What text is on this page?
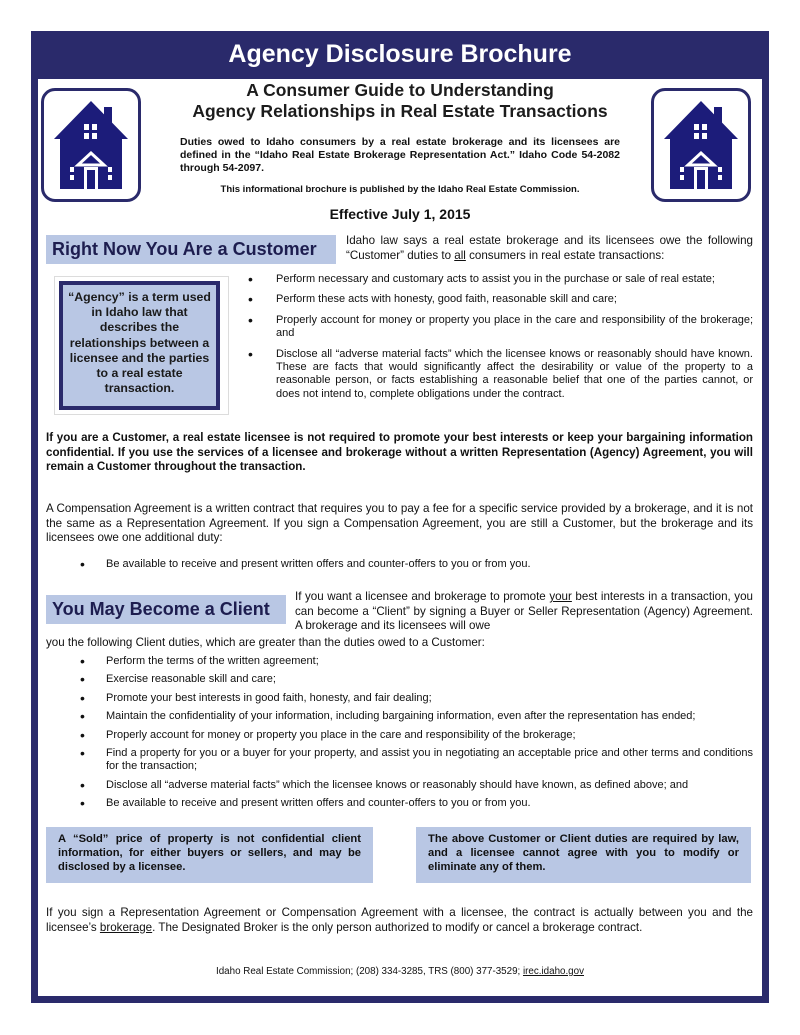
Agency Disclosure Brochure
A Consumer Guide to Understanding
Agency Relationships in Real Estate Transactions
Duties owed to Idaho consumers by a real estate brokerage and its licensees are defined in the “Idaho Real Estate Brokerage Representation Act.” Idaho Code 54-2082 through 54-2097.
This informational brochure is published by the Idaho Real Estate Commission.
Effective July 1, 2015
Right Now You Are a Customer	Idaho law says a real estate brokerage and its licensees owe the following “Customer” duties to all consumers in real estate transactions:
“Agency” is a term used in Idaho law that describes the relationships between a licensee and the parties to a real estate transaction.
• Perform necessary and customary acts to assist you in the purchase or sale of real estate;
• Perform these acts with honesty, good faith, reasonable skill and care;
• Properly account for money or property you place in the care and responsibility of the brokerage; and
• Disclose all “adverse material facts” which the licensee knows or reasonably should have known. These are facts that would significantly affect the desirability or value of the property to a reasonable person, or facts establishing a reasonable belief that one of the parties cannot, or does not intend to, complete obligations under the contract.
If you are a Customer, a real estate licensee is not required to promote your best interests or keep your bargaining information confidential. If you use the services of a licensee and brokerage without a written Representation (Agency) Agreement, you will remain a Customer throughout the transaction.
A Compensation Agreement is a written contract that requires you to pay a fee for a specific service provided by a brokerage, and it is not the same as a Representation Agreement. If you sign a Compensation Agreement, you are still a Customer, but the brokerage and its licensees owe one additional duty:
• Be available to receive and present written offers and counter-offers to you or from you.
You May Become a Client
If you want a licensee and brokerage to promote your best interests in a transaction, you can become a “Client” by signing a Buyer or Seller Representation (Agency) Agreement. A brokerage and its licensees will owe
you the following Client duties, which are greater than the duties owed to a Customer:
• Perform the terms of the written agreement;
• Exercise reasonable skill and care;
• Promote your best interests in good faith, honesty, and fair dealing;
• Maintain the confidentiality of your information, including bargaining information, even after the representation has ended;
• Properly account for money or property you place in the care and responsibility of the brokerage;
• Find a property for you or a buyer for your property, and assist you in negotiating an acceptable price and other terms and conditions for the transaction;
• Disclose all “adverse material facts” which the licensee knows or reasonably should have known, as defined above; and
• Be available to receive and present written offers and counter-offers to you or from you.
A “Sold” price of property is not confidential client information, for either buyers or sellers, and may be disclosed by a licensee.
The above Customer or Client duties are required by law, and a licensee cannot agree with you to modify or eliminate any of them.
If you sign a Representation Agreement or Compensation Agreement with a licensee, the contract is actually between you and the licensee’s brokerage. The Designated Broker is the only person authorized to modify or cancel a brokerage contract.
Idaho Real Estate Commission; (208) 334-3285, TRS (800) 377-3529; irec.idaho.gov
